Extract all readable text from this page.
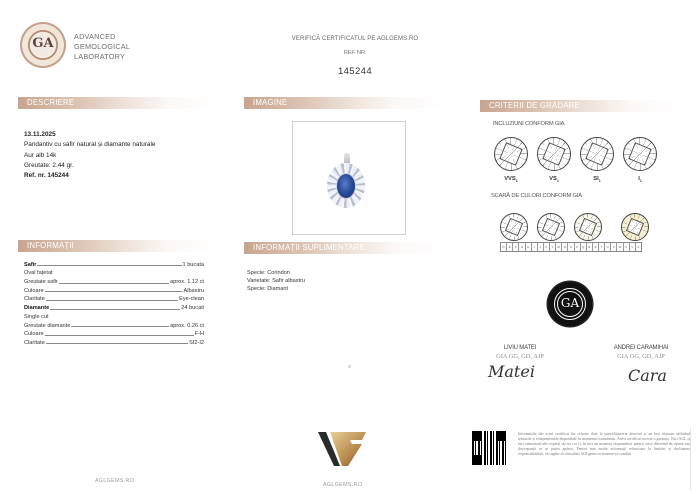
GA	ADVANCED
GEMOLOGICAL
LABORATORY
VERIFICĂ CERTIFICATUL PE AGLGEMS.RO
REF. NR.
145244
DESCRIERE	IMAGINE	CRITERII DE GRADARE
INFORMAȚII	INFORMAȚII SUPLIMENTARE
13.11.2025
Pandantiv cu safir natural și diamante naturale
Aur alb 14k
Greutate: 2.44 gr.
Ref. nr. 145244
Safir	1 bucata
Oval fațetat
Greutate safir	aprox. 1.12 ct
Culoare	Albastru
Claritate	Eye-clean
Diamante	24 bucati
Single cut
Greutate diamante	aprox. 0.26 ct
Culoare	F-H
Claritate	SI2-I2
Specie: Corindon
Varietate: Safir albastru
Specie: Diamant
ø
INCLUZIUNI CONFORM GIA
$VVS_1$	$VS_1$	$SI_1$	$I_1$
SCARĂ DE CULORI CONFORM GIA
D	E	F	G	H	I	J	K	L	M	N	O	P	Q	R	S	T	U	V	W	X	Y	Z
GA
LIVIU MATEI
GIA GG, GD, AJP
Matei
ANDREI CARAMIHAI
GIA GG, GD, AJP
Cara
AGLGEMS.RO
AGLGEMS.RO
Informațiile din acest certificat fac referire doar la piatra/bijuteria descrisă și au fost obținute utilizând tehnicile și echipamentele disponibile în momentul examinării. Acest certificat nu este o garanție. Nici AGL și nici semnatarii/alte experți săi nu vor fi, în nici un moment răspunzători pentru orice diferență de opinie sau discrepanță ce ar putea apărea. Pentru mai multe informații referitoare la limitări și declinarea responsabilității, vă rugăm să consultați AGLgems.ro/termeni-și-condiții.
